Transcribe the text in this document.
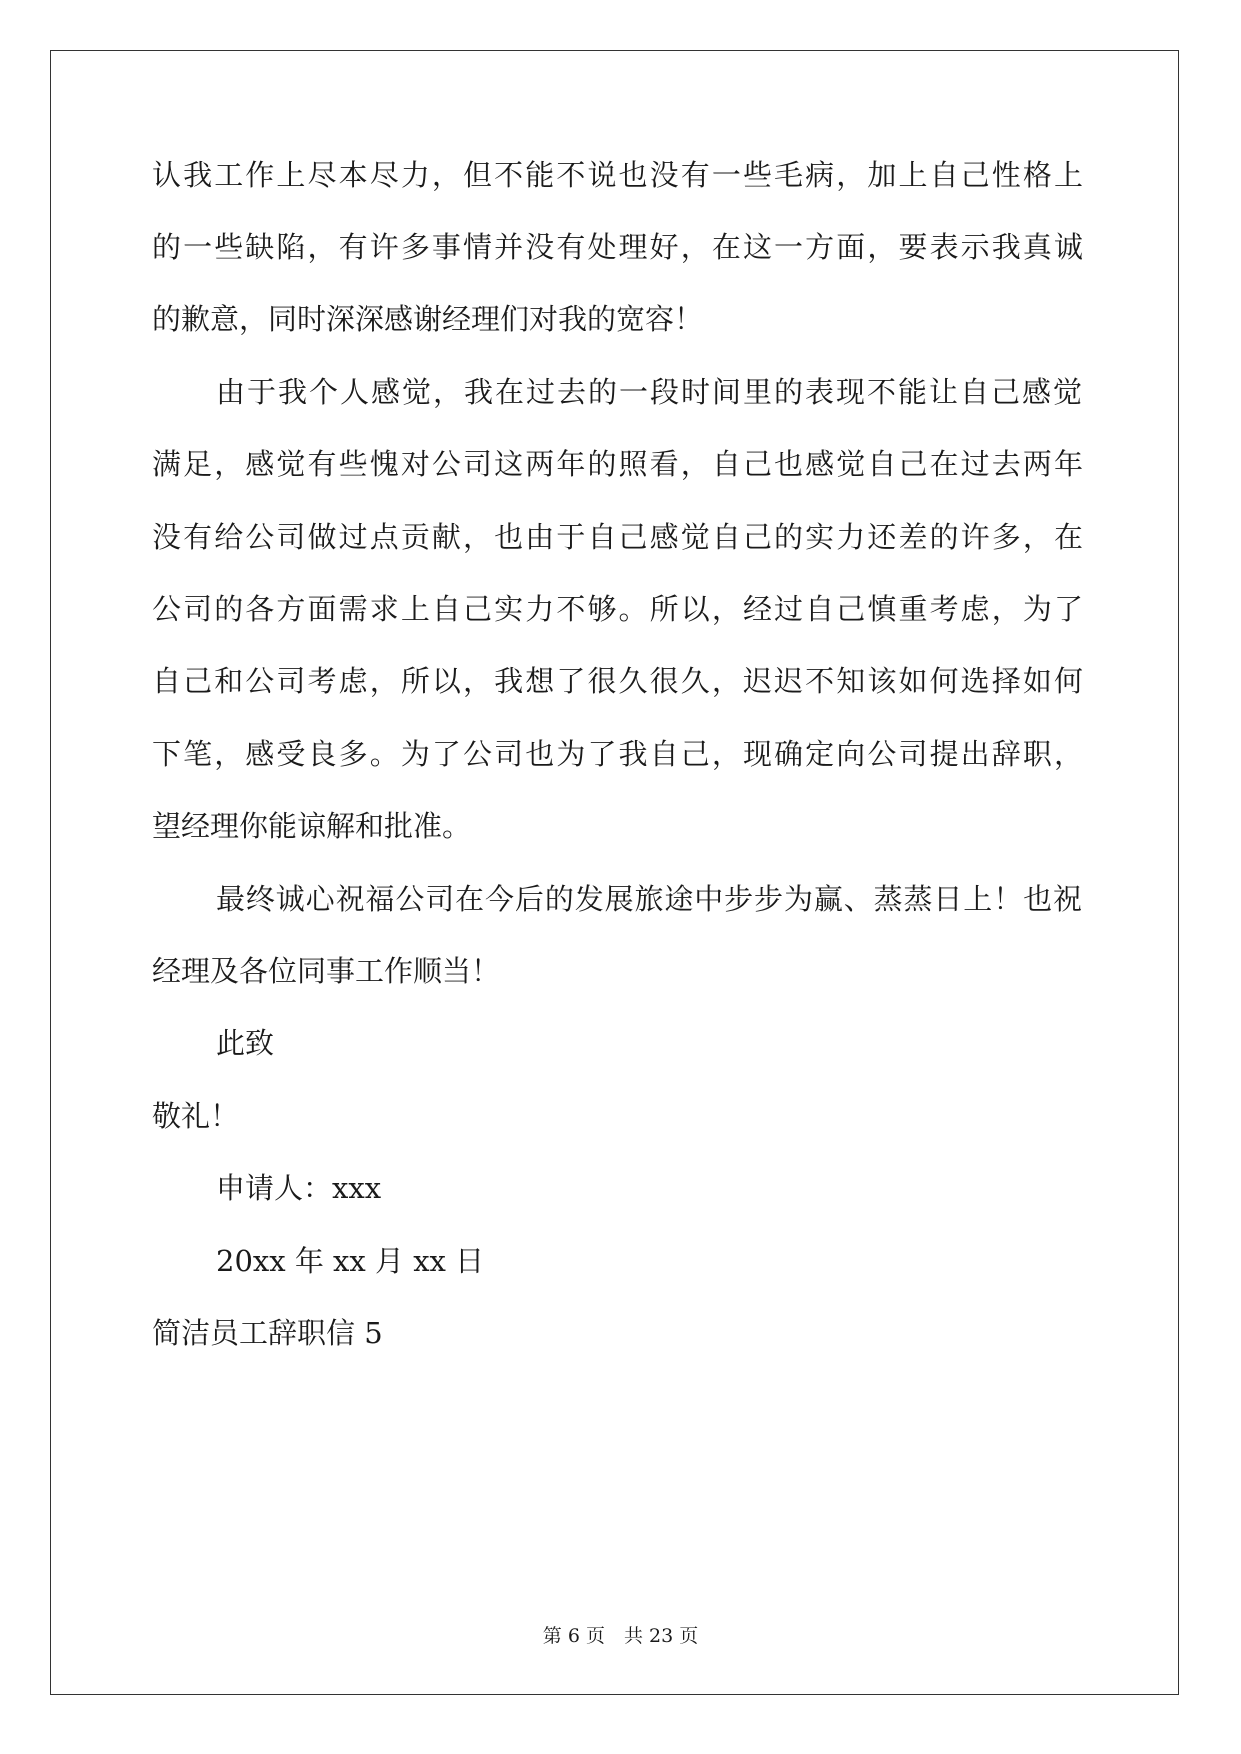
认我工作上尽本尽力，但不能不说也没有一些毛病，加上自己性格上
的一些缺陷，有许多事情并没有处理好，在这一方面，要表示我真诚
的歉意，同时深深感谢经理们对我的宽容！
由于我个人感觉，我在过去的一段时间里的表现不能让自己感觉
满足，感觉有些愧对公司这两年的照看，自己也感觉自己在过去两年
没有给公司做过点贡献，也由于自己感觉自己的实力还差的许多，在
公司的各方面需求上自己实力不够。所以，经过自己慎重考虑，为了
自己和公司考虑，所以，我想了很久很久，迟迟不知该如何选择如何
下笔，感受良多。为了公司也为了我自己，现确定向公司提出辞职，
望经理你能谅解和批准。
最终诚心祝福公司在今后的发展旅途中步步为赢、蒸蒸日上！也祝
经理及各位同事工作顺当！
此致
敬礼！
申请人：xxx
20xx 年 xx 月 xx 日
简洁员工辞职信 5
第 6 页　共 23 页
